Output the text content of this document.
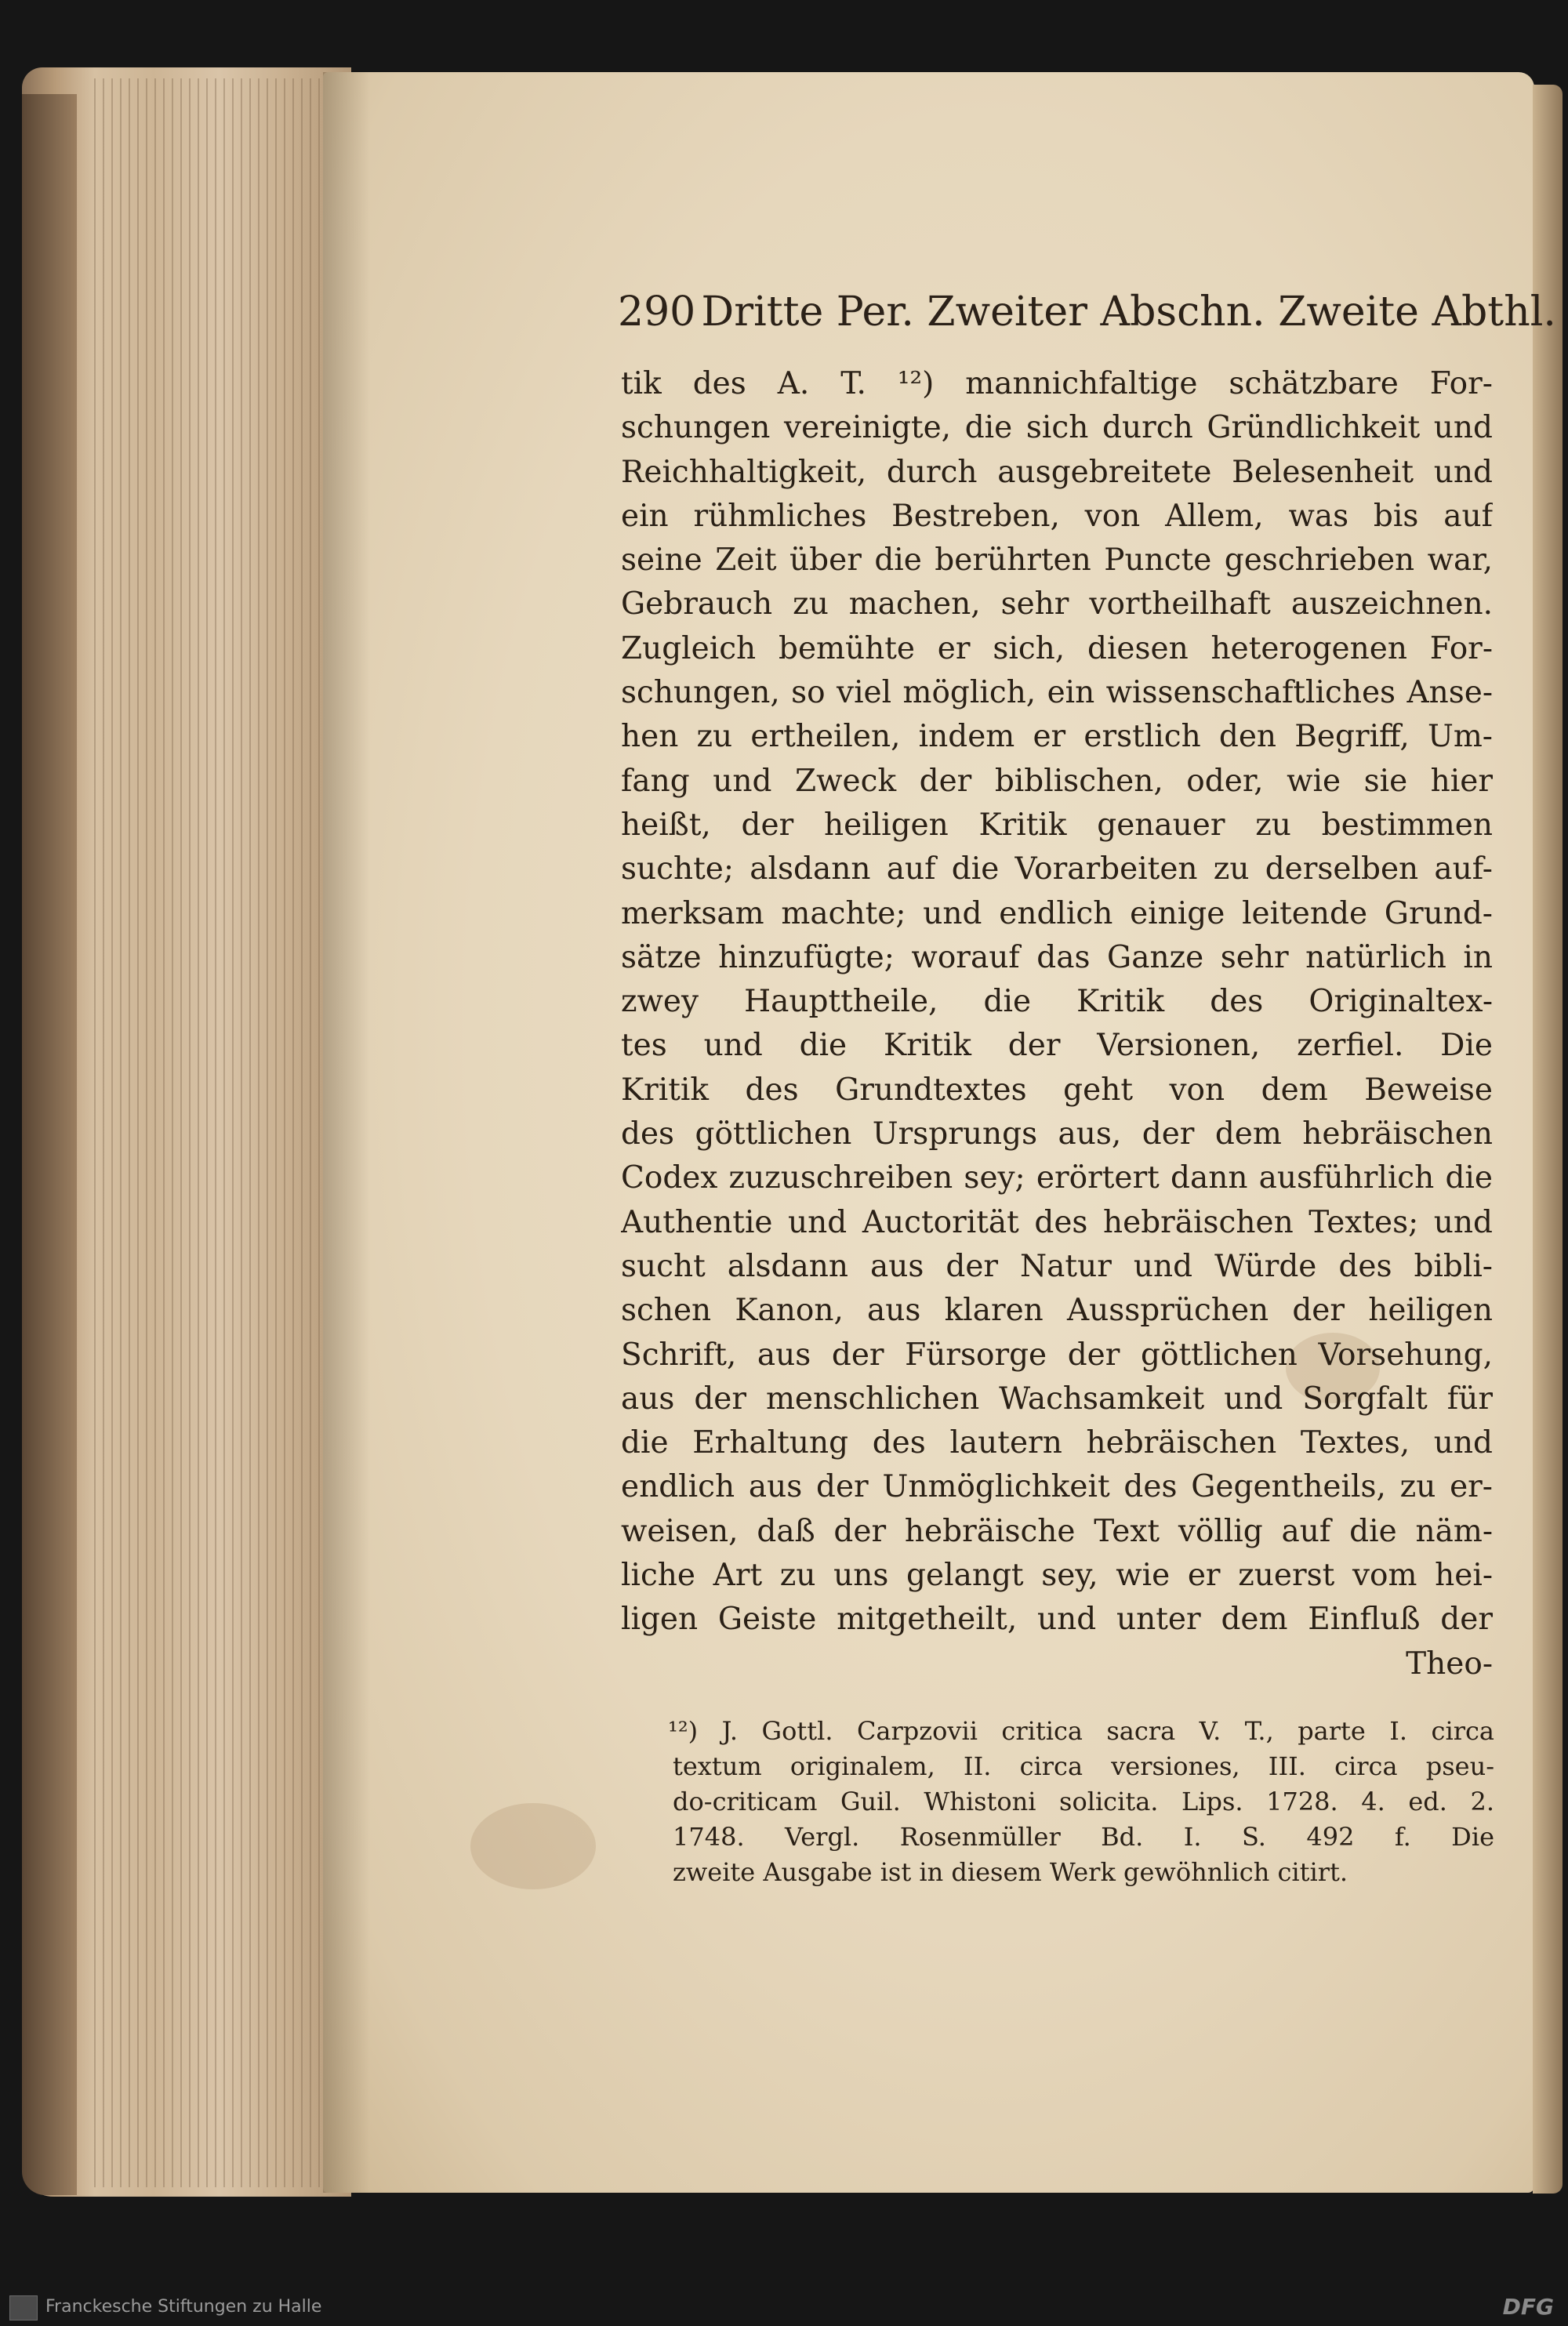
290 Dritte Per. Zweiter Abschn. Zweite Abthl.
tik des A. T. ¹²) mannichfaltige schätzbare For-
schungen vereinigte, die sich durch Gründlichkeit und
Reichhaltigkeit, durch ausgebreitete Belesenheit und
ein rühmliches Bestreben, von Allem, was bis auf
seine Zeit über die berührten Puncte geschrieben war,
Gebrauch zu machen, sehr vortheilhaft auszeichnen.
Zugleich bemühte er sich, diesen heterogenen For-
schungen, so viel möglich, ein wissenschaftliches Anse-
hen zu ertheilen, indem er erstlich den Begriff, Um-
fang und Zweck der biblischen, oder, wie sie hier
heißt, der heiligen Kritik genauer zu bestimmen
suchte; alsdann auf die Vorarbeiten zu derselben auf-
merksam machte; und endlich einige leitende Grund-
sätze hinzufügte; worauf das Ganze sehr natürlich in
zwey Haupttheile, die Kritik des Originaltex-
tes und die Kritik der Versionen, zerfiel. Die
Kritik des Grundtextes geht von dem Beweise
des göttlichen Ursprungs aus, der dem hebräischen
Codex zuzuschreiben sey; erörtert dann ausführlich die
Authentie und Auctorität des hebräischen Textes; und
sucht alsdann aus der Natur und Würde des bibli-
schen Kanon, aus klaren Aussprüchen der heiligen
Schrift, aus der Fürsorge der göttlichen Vorsehung,
aus der menschlichen Wachsamkeit und Sorgfalt für
die Erhaltung des lautern hebräischen Textes, und
endlich aus der Unmöglichkeit des Gegentheils, zu er-
weisen, daß der hebräische Text völlig auf die näm-
liche Art zu uns gelangt sey, wie er zuerst vom hei-
ligen Geiste mitgetheilt, und unter dem Einfluß der
Theo-
¹²) J. Gottl. Carpzovii critica sacra V. T., parte I. circa
textum originalem, II. circa versiones, III. circa pseu-
do-criticam Guil. Whistoni solicita. Lips. 1728. 4. ed. 2.
1748. Vergl. Rosenmüller Bd. I. S. 492 f. Die
zweite Ausgabe ist in diesem Werk gewöhnlich citirt.
Franckesche Stiftungen zu Halle	DFG
